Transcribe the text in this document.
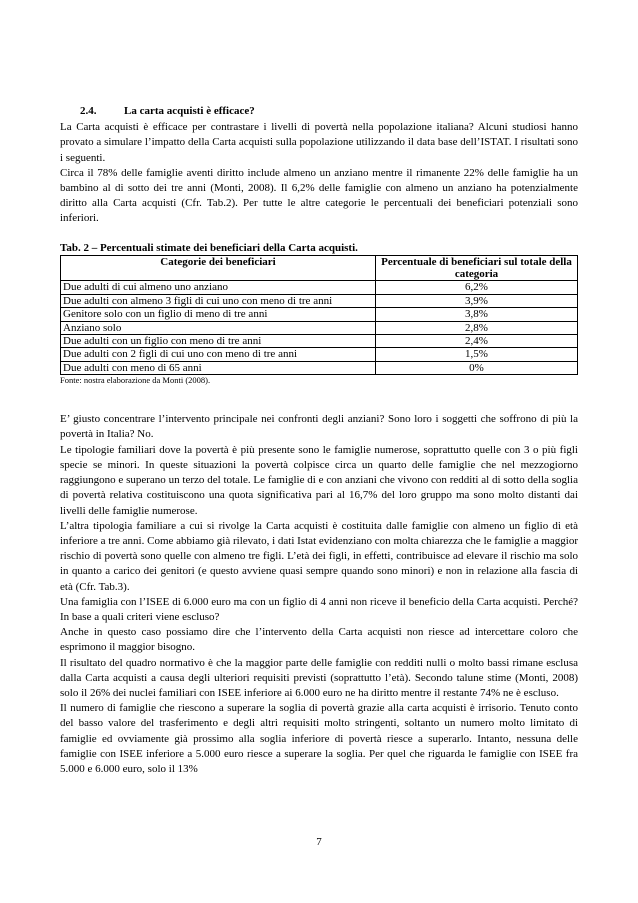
2.4.	La carta acquisti è efficace?

La Carta acquisti è efficace per contrastare i livelli di povertà nella popolazione italiana? Alcuni studiosi hanno provato a simulare l’impatto della Carta acquisti sulla popolazione utilizzando il data base dell’ISTAT. I risultati sono i seguenti.

Circa il 78% delle famiglie aventi diritto include almeno un anziano mentre il rimanente 22% delle famiglie ha un bambino al di sotto dei tre anni (Monti, 2008). Il 6,2% delle famiglie con almeno un anziano ha potenzialmente diritto alla Carta acquisti (Cfr. Tab.2). Per tutte le altre categorie le percentuali dei beneficiari potenziali sono inferiori.

Tab. 2 – Percentuali stimate dei beneficiari della Carta acquisti.
Categorie dei beneficiari	Percentuale di beneficiari sul totale della categoria
Due adulti di cui almeno uno anziano	6,2%
Due adulti con almeno 3 figli di cui uno con meno di tre anni	3,9%
Genitore solo con un figlio di meno di tre anni	3,8%
Anziano solo	2,8%
Due adulti con un figlio con meno di tre anni	2,4%
Due adulti con 2 figli di cui uno con meno di tre anni	1,5%
Due adulti con meno di 65 anni	0%
Fonte: nostra elaborazione da Monti (2008).

E’ giusto concentrare l’intervento principale nei confronti degli anziani? Sono loro i soggetti che soffrono di più la povertà in Italia? No.

Le tipologie familiari dove la povertà è più presente sono le famiglie numerose, soprattutto quelle con 3 o più figli specie se minori. In queste situazioni la povertà colpisce circa un quarto delle famiglie che nel mezzogiorno raggiungono e superano un terzo del totale. Le famiglie di e con anziani che vivono con redditi al di sotto della soglia di povertà relativa costituiscono una quota significativa pari al 16,7% del loro gruppo ma sono molto distanti dai livelli delle famiglie numerose.

L’altra tipologia familiare a cui si rivolge la Carta acquisti è costituita dalle famiglie con almeno un figlio di età inferiore a tre anni. Come abbiamo già rilevato, i dati Istat evidenziano con molta chiarezza che le famiglie a maggior rischio di povertà sono quelle con almeno tre figli. L’età dei figli, in effetti, contribuisce ad elevare il rischio ma solo in quanto a carico dei genitori (e questo avviene quasi sempre quando sono minori) e non in relazione alla fascia di età (Cfr. Tab.3).

Una famiglia con l’ISEE di 6.000 euro ma con un figlio di 4 anni non riceve il beneficio della Carta acquisti. Perché? In base a quali criteri viene escluso?

Anche in questo caso possiamo dire che l’intervento della Carta acquisti non riesce ad intercettare coloro che esprimono il maggior bisogno.

Il risultato del quadro normativo è che la maggior parte delle famiglie con redditi nulli o molto bassi rimane esclusa dalla Carta acquisti a causa degli ulteriori requisiti previsti (soprattutto l’età). Secondo talune stime (Monti, 2008) solo il 26% dei nuclei familiari con ISEE inferiore ai 6.000 euro ne ha diritto mentre il restante 74% ne è escluso.

Il numero di famiglie che riescono a superare la soglia di povertà grazie alla carta acquisti è irrisorio. Tenuto conto del basso valore del trasferimento e degli altri requisiti molto stringenti, soltanto un numero molto limitato di famiglie ed ovviamente già prossimo alla soglia inferiore di povertà riesce a superarlo. Intanto, nessuna delle famiglie con ISEE inferiore a 5.000 euro riesce a superare la soglia. Per quel che riguarda le famiglie con ISEE fra 5.000 e 6.000 euro, solo il 13%

7
